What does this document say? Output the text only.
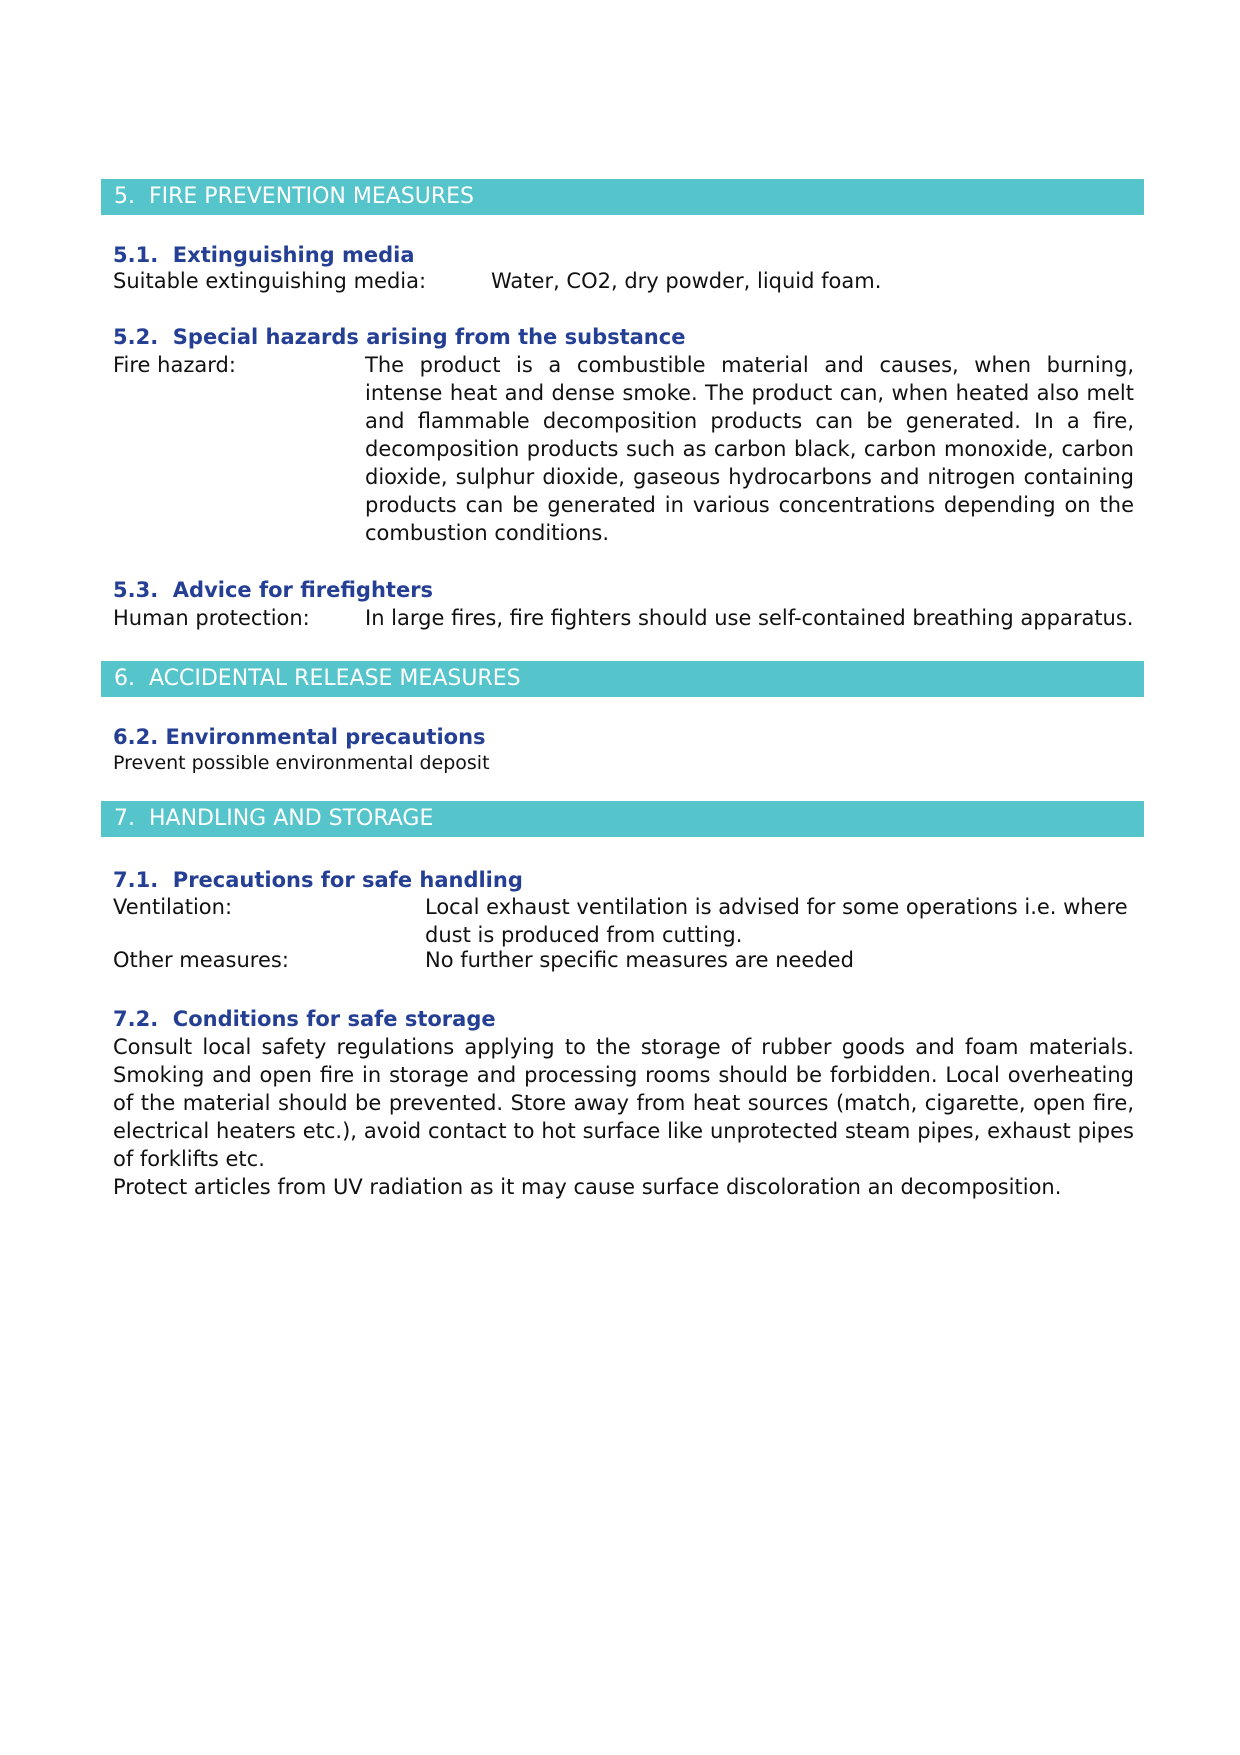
5.  FIRE PREVENTION MEASURES
5.1.  Extinguishing media
Suitable extinguishing media:	Water, CO2, dry powder, liquid foam.
5.2.  Special hazards arising from the substance
Fire hazard:	The product is a combustible material and causes, when burning, intense heat and dense smoke. The product can, when heated also melt and flammable decomposition products can be generated. In a fire, decomposition products such as carbon black, carbon monoxide, carbon dioxide, sulphur dioxide, gaseous hydrocarbons and nitrogen containing products can be generated in various concentrations depending on the combustion conditions.
5.3.  Advice for firefighters
Human protection:	In large fires, fire fighters should use self-contained breathing apparatus.
6.  ACCIDENTAL RELEASE MEASURES
6.2. Environmental precautions
Prevent possible environmental deposit
7.  HANDLING AND STORAGE
7.1.  Precautions for safe handling
Ventilation:	Local exhaust ventilation is advised for some operations i.e. where dust is produced from cutting.
Other measures:	No further specific measures are needed
7.2.  Conditions for safe storage
Consult local safety regulations applying to the storage of rubber goods and foam materials. Smoking and open fire in storage and processing rooms should be forbidden. Local overheating of the material should be prevented. Store away from heat sources (match, cigarette, open fire, electrical heaters etc.), avoid contact to hot surface like unprotected steam pipes, exhaust pipes of forklifts etc.
Protect articles from UV radiation as it may cause surface discoloration an decomposition.
